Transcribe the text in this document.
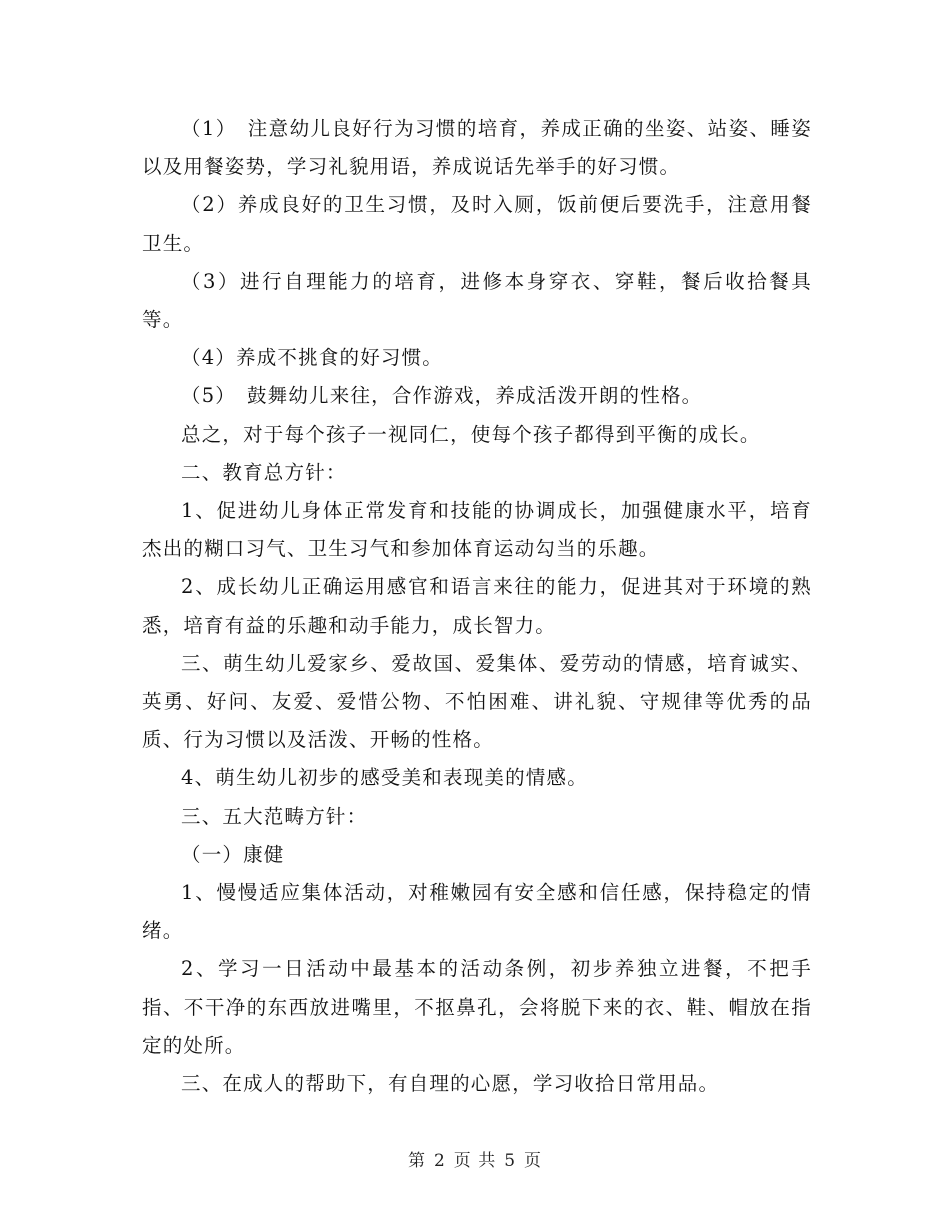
（1）　注意幼儿良好行为习惯的培育，养成正确的坐姿、站姿、睡姿以及用餐姿势，学习礼貌用语，养成说话先举手的好习惯。

（2）养成良好的卫生习惯，及时入厕，饭前便后要洗手，注意用餐卫生。

（3）进行自理能力的培育，进修本身穿衣、穿鞋，餐后收拾餐具等。

（4）养成不挑食的好习惯。

（5）　鼓舞幼儿来往，合作游戏，养成活泼开朗的性格。

总之，对于每个孩子一视同仁，使每个孩子都得到平衡的成长。

二、教育总方针：

1、促进幼儿身体正常发育和技能的协调成长，加强健康水平，培育杰出的糊口习气、卫生习气和参加体育运动勾当的乐趣。

2、成长幼儿正确运用感官和语言来往的能力，促进其对于环境的熟悉，培育有益的乐趣和动手能力，成长智力。

三、萌生幼儿爱家乡、爱故国、爱集体、爱劳动的情感，培育诚实、英勇、好问、友爱、爱惜公物、不怕困难、讲礼貌、守规律等优秀的品质、行为习惯以及活泼、开畅的性格。

4、萌生幼儿初步的感受美和表现美的情感。

三、五大范畴方针：

（一）康健

1、慢慢适应集体活动，对稚嫩园有安全感和信任感，保持稳定的情绪。

2、学习一日活动中最基本的活动条例，初步养独立进餐，不把手指、不干净的东西放进嘴里，不抠鼻孔，会将脱下来的衣、鞋、帽放在指定的处所。

三、在成人的帮助下，有自理的心愿，学习收拾日常用品。

第 2 页 共 5 页
